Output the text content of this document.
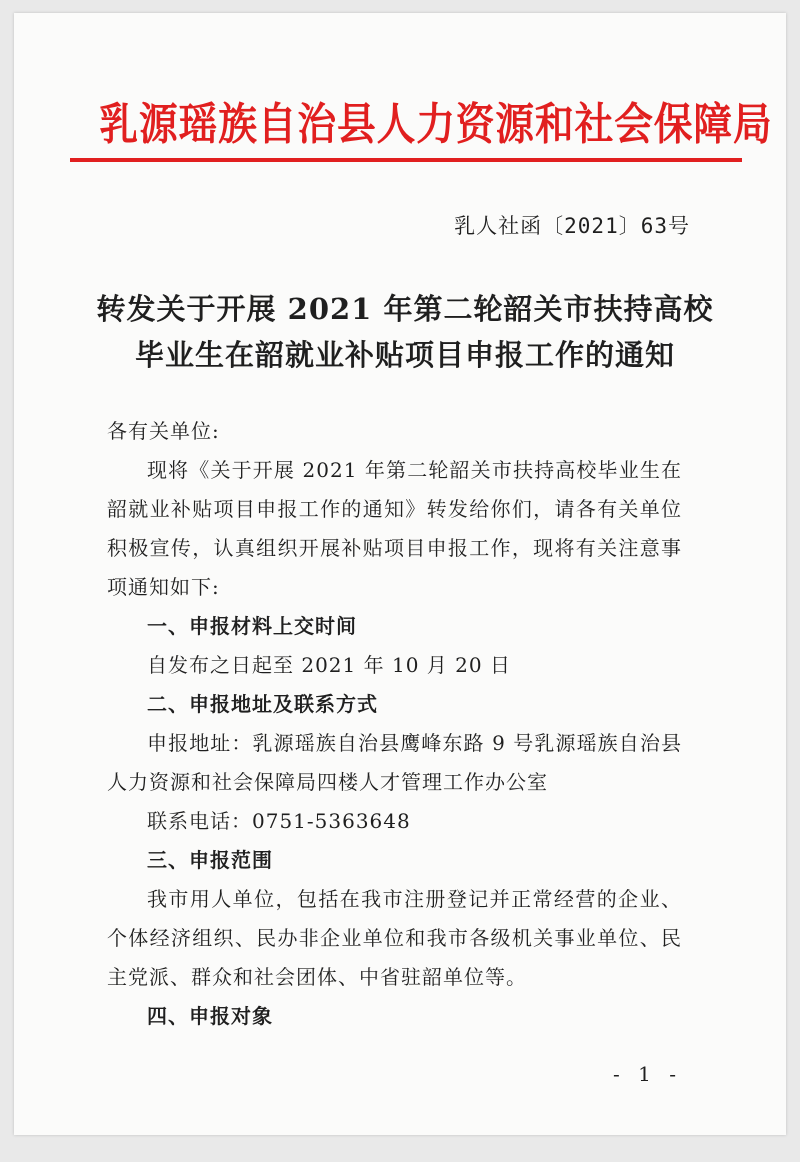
乳源瑶族自治县人力资源和社会保障局
乳人社函〔2021〕63号
转发关于开展 2021 年第二轮韶关市扶持高校
毕业生在韶就业补贴项目申报工作的通知

各有关单位:

现将《关于开展 2021 年第二轮韶关市扶持高校毕业生在韶就业补贴项目申报工作的通知》转发给你们，请各有关单位积极宣传，认真组织开展补贴项目申报工作，现将有关注意事项通知如下:

一、申报材料上交时间

自发布之日起至 2021 年 10 月 20 日

二、申报地址及联系方式

申报地址：乳源瑶族自治县鹰峰东路 9 号乳源瑶族自治县人力资源和社会保障局四楼人才管理工作办公室

联系电话：0751-5363648

三、申报范围

我市用人单位，包括在我市注册登记并正常经营的企业、个体经济组织、民办非企业单位和我市各级机关事业单位、民主党派、群众和社会团体、中省驻韶单位等。

四、申报对象

- 1 -
